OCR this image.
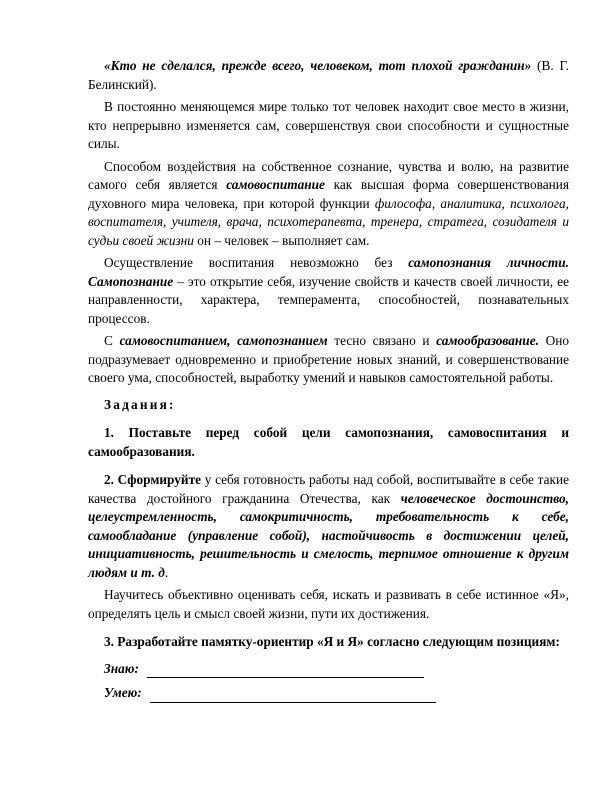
«Кто не сделался, прежде всего, человеком, тот плохой гражданин» (В. Г. Белинский).

В постоянно меняющемся мире только тот человек находит свое место в жизни, кто непрерывно изменяется сам, совершенствуя свои способности и сущностные силы.

Способом воздействия на собственное сознание, чувства и волю, на развитие самого себя является самовоспитание как высшая форма совершенствования духовного мира человека, при которой функции философа, аналитика, психолога, воспитателя, учителя, врача, психотерапевта, тренера, стратега, созидателя и судьи своей жизни он – человек – выполняет сам.

Осуществление воспитания невозможно без самопознания личности. Самопознание – это открытие себя, изучение свойств и качеств своей личности, ее направленности, характера, темперамента, способностей, познавательных процессов.

С самовоспитанием, самопознанием тесно связано и самообразование. Оно подразумевает одновременно и приобретение новых знаний, и совершенствование своего ума, способностей, выработку умений и навыков самостоятельной работы.

Задания:

1. Поставьте перед собой цели самопознания, самовоспитания и самообразования.

2. Сформируйте у себя готовность работы над собой, воспитывайте в себе такие качества достойного гражданина Отечества, как человеческое достоинство, целеустремленность, самокритичность, требовательность к себе, самообладание (управление собой), настойчивость в достижении целей, инициативность, решительность и смелость, терпимое отношение к другим людям и т. д.

Научитесь объективно оценивать себя, искать и развивать в себе истинное «Я», определять цель и смысл своей жизни, пути их достижения.

3. Разработайте памятку-ориентир «Я и Я» согласно следующим позициям:

Знаю:
Умею:
